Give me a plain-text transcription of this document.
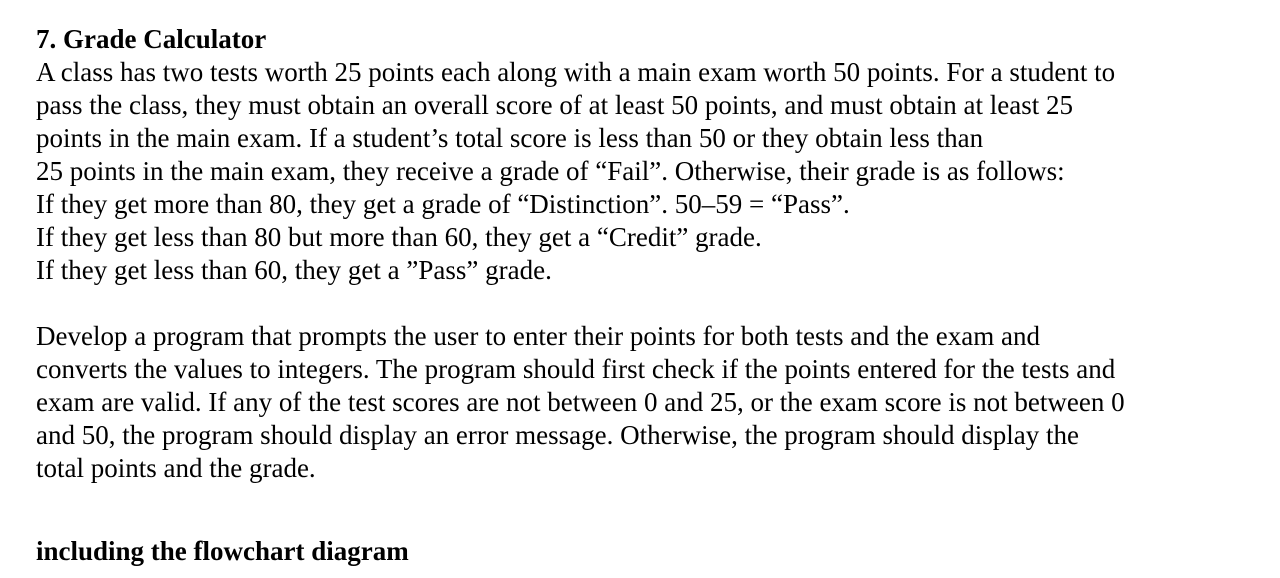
7. Grade Calculator

A class has two tests worth 25 points each along with a main exam worth 50 points. For a student to

pass the class, they must obtain an overall score of at least 50 points, and must obtain at least 25

points in the main exam. If a student’s total score is less than 50 or they obtain less than

25 points in the main exam, they receive a grade of “Fail”. Otherwise, their grade is as follows:

If they get more than 80, they get a grade of “Distinction”. 50–59 = “Pass”.

If they get less than 80 but more than 60, they get a “Credit” grade.

If they get less than 60, they get a ”Pass” grade.

Develop a program that prompts the user to enter their points for both tests and the exam and

converts the values to integers. The program should first check if the points entered for the tests and

exam are valid. If any of the test scores are not between 0 and 25, or the exam score is not between 0

and 50, the program should display an error message. Otherwise, the program should display the

total points and the grade.

including the flowchart diagram
